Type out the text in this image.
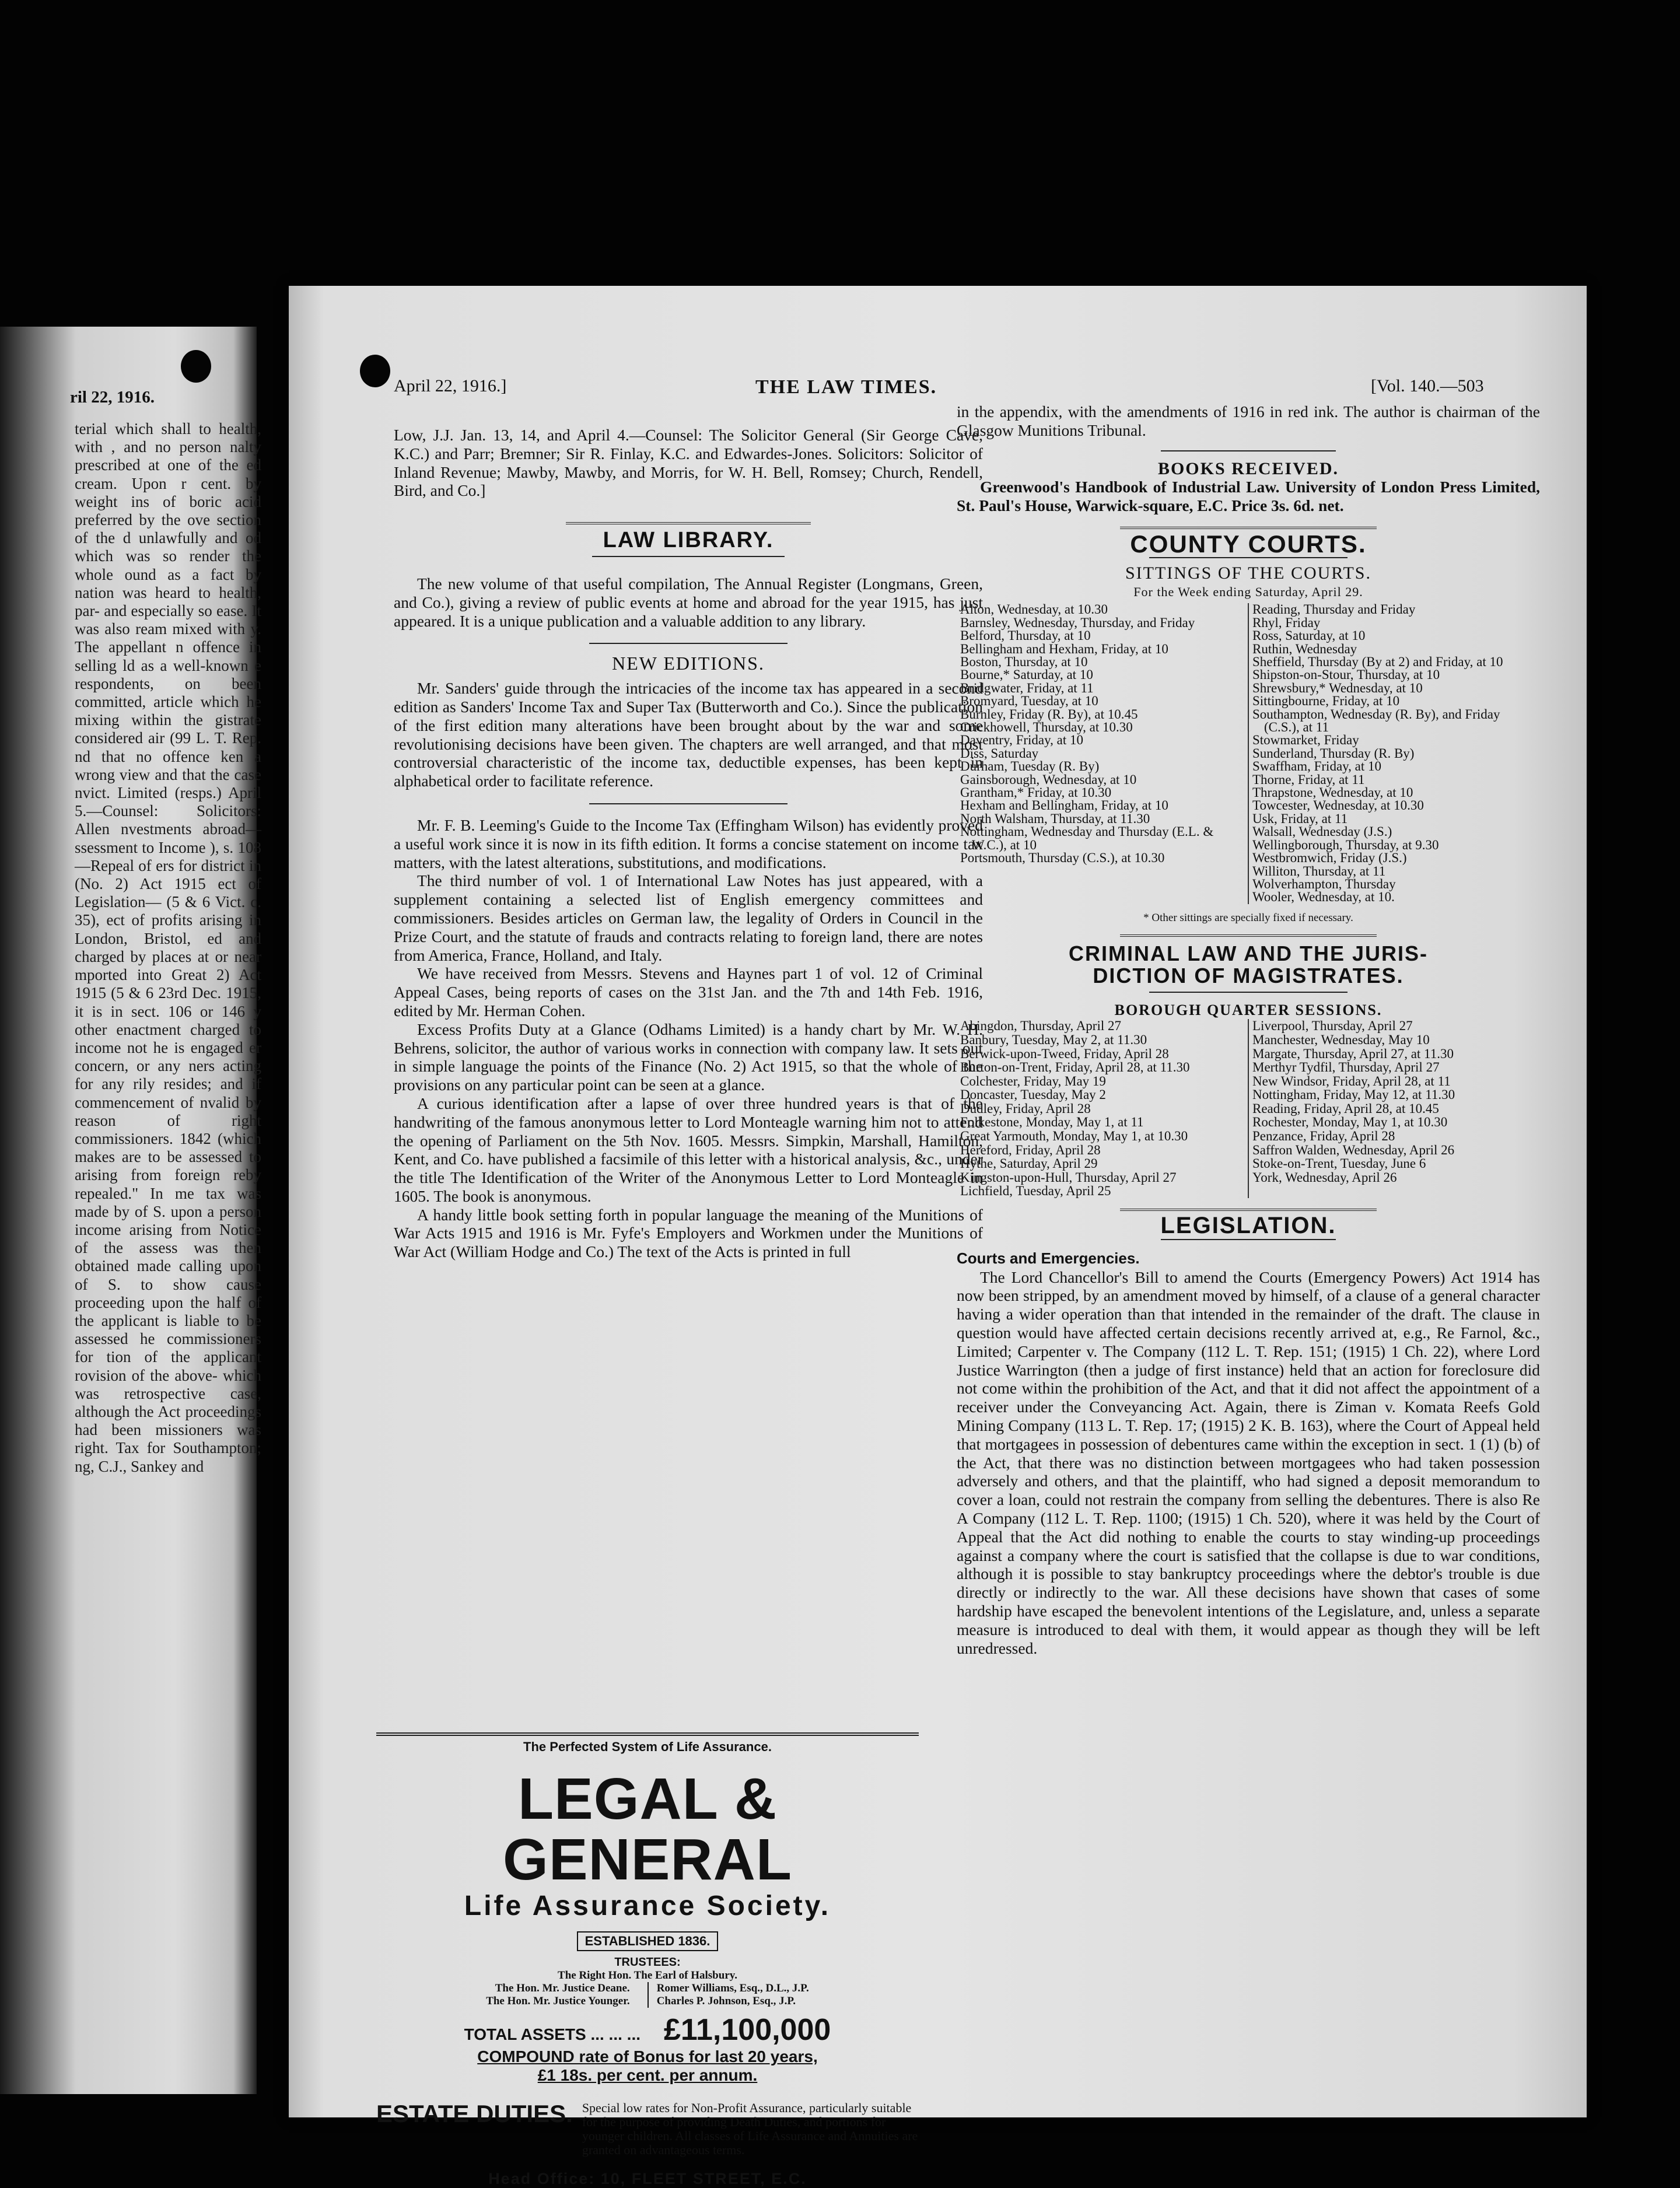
ril 22, 1916.
terial which shall to health, with , and no person nalty prescribed at one of the ed cream. Upon r cent. by weight ins of boric acid preferred by the ove section of the d unlawfully and od which was so render the whole ound as a fact by nation was heard to health, par- and especially so ease. It was also ream mixed with y. The appellant n offence in selling ld as a well-known e respondents, on been committed, article which he mixing within the gistrate considered air (99 L. T. Rep. nd that no offence ken a wrong view and that the case nvict. Limited (resps.) April 5.—Counsel: Solicitors: Allen nvestments abroad— ssessment to Income ), s. 108—Repeal of ers for district in (No. 2) Act 1915 ect of Legislation— (5 & 6 Vict. c. 35), ect of profits arising in London, Bristol, ed and charged by places at or near mported into Great 2) Act 1915 (5 & 6 23rd Dec. 1915, it is in sect. 106 or 146 y other enactment charged to income not he is engaged er concern, or any ners acting for any rily resides; and if commencement of nvalid by reason of right commissioners. 1842 (which makes are to be assessed to arising from foreign reby repealed." In me tax was made by of S. upon a person income arising from Notice of the assess was then obtained made calling upon of S. to show cause proceeding upon the half of the applicant is liable to be assessed he commissioners for tion of the applicant rovision of the above- which was retrospective case, although the Act proceedings had been missioners was right. Tax for Southampton; ng, C.J., Sankey and
April 22, 1916.]	THE LAW TIMES.	[Vol. 140.—503

Low, J.J. Jan. 13, 14, and April 4.—Counsel: The Solicitor General (Sir George Cave, K.C.) and Parr; Bremner; Sir R. Finlay, K.C. and Edwardes-Jones. Solicitors: Solicitor of Inland Revenue; Mawby, Mawby, and Morris, for W. H. Bell, Romsey; Church, Rendell, Bird, and Co.]

LAW LIBRARY.

The new volume of that useful compilation, The Annual Register (Longmans, Green, and Co.), giving a review of public events at home and abroad for the year 1915, has just appeared. It is a unique publication and a valuable addition to any library.

NEW EDITIONS.

Mr. Sanders' guide through the intricacies of the income tax has appeared in a second edition as Sanders' Income Tax and Super Tax (Butterworth and Co.). Since the publication of the first edition many alterations have been brought about by the war and some revolutionising decisions have been given. The chapters are well arranged, and that most controversial characteristic of the income tax, deductible expenses, has been kept in alphabetical order to facilitate reference.

Mr. F. B. Leeming's Guide to the Income Tax (Effingham Wilson) has evidently proved a useful work since it is now in its fifth edition. It forms a concise statement on income tax matters, with the latest alterations, substitutions, and modifications.

The third number of vol. 1 of International Law Notes has just appeared, with a supplement containing a selected list of English emergency committees and commissioners. Besides articles on German law, the legality of Orders in Council in the Prize Court, and the statute of frauds and contracts relating to foreign land, there are notes from America, France, Holland, and Italy.

We have received from Messrs. Stevens and Haynes part 1 of vol. 12 of Criminal Appeal Cases, being reports of cases on the 31st Jan. and the 7th and 14th Feb. 1916, edited by Mr. Herman Cohen.

Excess Profits Duty at a Glance (Odhams Limited) is a handy chart by Mr. W. H. Behrens, solicitor, the author of various works in connection with company law. It sets out in simple language the points of the Finance (No. 2) Act 1915, so that the whole of the provisions on any particular point can be seen at a glance.

A curious identification after a lapse of over three hundred years is that of the handwriting of the famous anonymous letter to Lord Monteagle warning him not to attend the opening of Parliament on the 5th Nov. 1605. Messrs. Simpkin, Marshall, Hamilton, Kent, and Co. have published a facsimile of this letter with a historical analysis, &c., under the title The Identification of the Writer of the Anonymous Letter to Lord Monteagle in 1605. The book is anonymous.

A handy little book setting forth in popular language the meaning of the Munitions of War Acts 1915 and 1916 is Mr. Fyfe's Employers and Workmen under the Munitions of War Act (William Hodge and Co.) The text of the Acts is printed in full

The Perfected System of Life Assurance.
LEGAL & GENERAL
Life Assurance Society.
ESTABLISHED 1836.
TRUSTEES:
The Right Hon. The Earl of Halsbury.
The Hon. Mr. Justice Deane.
The Hon. Mr. Justice Younger.
Romer Williams, Esq., D.L., J.P.
Charles P. Johnson, Esq., J.P.
TOTAL ASSETS ... ... ... £11,100,000
COMPOUND rate of Bonus for last 20 years,
£1 18s. per cent. per annum.
ESTATE DUTIES. Special low rates for Non-Profit Assurance, particularly suitable for the purpose of providing Death Duties, and portions for younger children. All classes of Life Assurance and Annuities are granted on advantageous terms.
Head Office: 10, FLEET STREET, E.C.

in the appendix, with the amendments of 1916 in red ink. The author is chairman of the Glasgow Munitions Tribunal.

BOOKS RECEIVED.

Greenwood's Handbook of Industrial Law. University of London Press Limited, St. Paul's House, Warwick-square, E.C. Price 3s. 6d. net.

COUNTY COURTS.
SITTINGS OF THE COURTS.
For the Week ending Saturday, April 29.
Alton, Wednesday, at 10.30
Barnsley, Wednesday, Thursday, and Friday
Belford, Thursday, at 10
Bellingham and Hexham, Friday, at 10
Boston, Thursday, at 10
Bourne,* Saturday, at 10
Bridgwater, Friday, at 11
Bromyard, Tuesday, at 10
Burnley, Friday (R. By), at 10.45
Crickhowell, Thursday, at 10.30
Daventry, Friday, at 10
Diss, Saturday
Durham, Tuesday (R. By)
Gainsborough, Wednesday, at 10
Grantham,* Friday, at 10.30
Hexham and Bellingham, Friday, at 10
North Walsham, Thursday, at 11.30
Nottingham, Wednesday and Thursday (E.L. & W.C.), at 10
Portsmouth, Thursday (C.S.), at 10.30
Reading, Thursday and Friday
Rhyl, Friday
Ross, Saturday, at 10
Ruthin, Wednesday
Sheffield, Thursday (By at 2) and Friday, at 10
Shipston-on-Stour, Thursday, at 10
Shrewsbury,* Wednesday, at 10
Sittingbourne, Friday, at 10
Southampton, Wednesday (R. By), and Friday (C.S.), at 11
Stowmarket, Friday
Sunderland, Thursday (R. By)
Swaffham, Friday, at 10
Thorne, Friday, at 11
Thrapstone, Wednesday, at 10
Towcester, Wednesday, at 10.30
Usk, Friday, at 11
Walsall, Wednesday (J.S.)
Wellingborough, Thursday, at 9.30
Westbromwich, Friday (J.S.)
Williton, Thursday, at 11
Wolverhampton, Thursday
Wooler, Wednesday, at 10.
* Other sittings are specially fixed if necessary.
CRIMINAL LAW AND THE JURIS-
DICTION OF MAGISTRATES.
BOROUGH QUARTER SESSIONS.
Abingdon, Thursday, April 27
Banbury, Tuesday, May 2, at 11.30
Berwick-upon-Tweed, Friday, April 28
Burton-on-Trent, Friday, April 28, at 11.30
Colchester, Friday, May 19
Doncaster, Tuesday, May 2
Dudley, Friday, April 28
Folkestone, Monday, May 1, at 11
Great Yarmouth, Monday, May 1, at 10.30
Hereford, Friday, April 28
Hythe, Saturday, April 29
Kingston-upon-Hull, Thursday, April 27
Lichfield, Tuesday, April 25
Liverpool, Thursday, April 27
Manchester, Wednesday, May 10
Margate, Thursday, April 27, at 11.30
Merthyr Tydfil, Thursday, April 27
New Windsor, Friday, April 28, at 11
Nottingham, Friday, May 12, at 11.30
Reading, Friday, April 28, at 10.45
Rochester, Monday, May 1, at 10.30
Penzance, Friday, April 28
Saffron Walden, Wednesday, April 26
Stoke-on-Trent, Tuesday, June 6
York, Wednesday, April 26
LEGISLATION.
Courts and Emergencies.

The Lord Chancellor's Bill to amend the Courts (Emergency Powers) Act 1914 has now been stripped, by an amendment moved by himself, of a clause of a general character having a wider operation than that intended in the remainder of the draft. The clause in question would have affected certain decisions recently arrived at, e.g., Re Farnol, &c., Limited; Carpenter v. The Company (112 L. T. Rep. 151; (1915) 1 Ch. 22), where Lord Justice Warrington (then a judge of first instance) held that an action for foreclosure did not come within the prohibition of the Act, and that it did not affect the appointment of a receiver under the Conveyancing Act. Again, there is Ziman v. Komata Reefs Gold Mining Company (113 L. T. Rep. 17; (1915) 2 K. B. 163), where the Court of Appeal held that mortgagees in possession of debentures came within the exception in sect. 1 (1) (b) of the Act, that there was no distinction between mortgagees who had taken possession adversely and others, and that the plaintiff, who had signed a deposit memorandum to cover a loan, could not restrain the company from selling the debentures. There is also Re A Company (112 L. T. Rep. 1100; (1915) 1 Ch. 520), where it was held by the Court of Appeal that the Act did nothing to enable the courts to stay winding-up proceedings against a company where the court is satisfied that the collapse is due to war conditions, although it is possible to stay bankruptcy proceedings where the debtor's trouble is due directly or indirectly to the war. All these decisions have shown that cases of some hardship have escaped the benevolent intentions of the Legislature, and, unless a separate measure is introduced to deal with them, it would appear as though they will be left unredressed.
